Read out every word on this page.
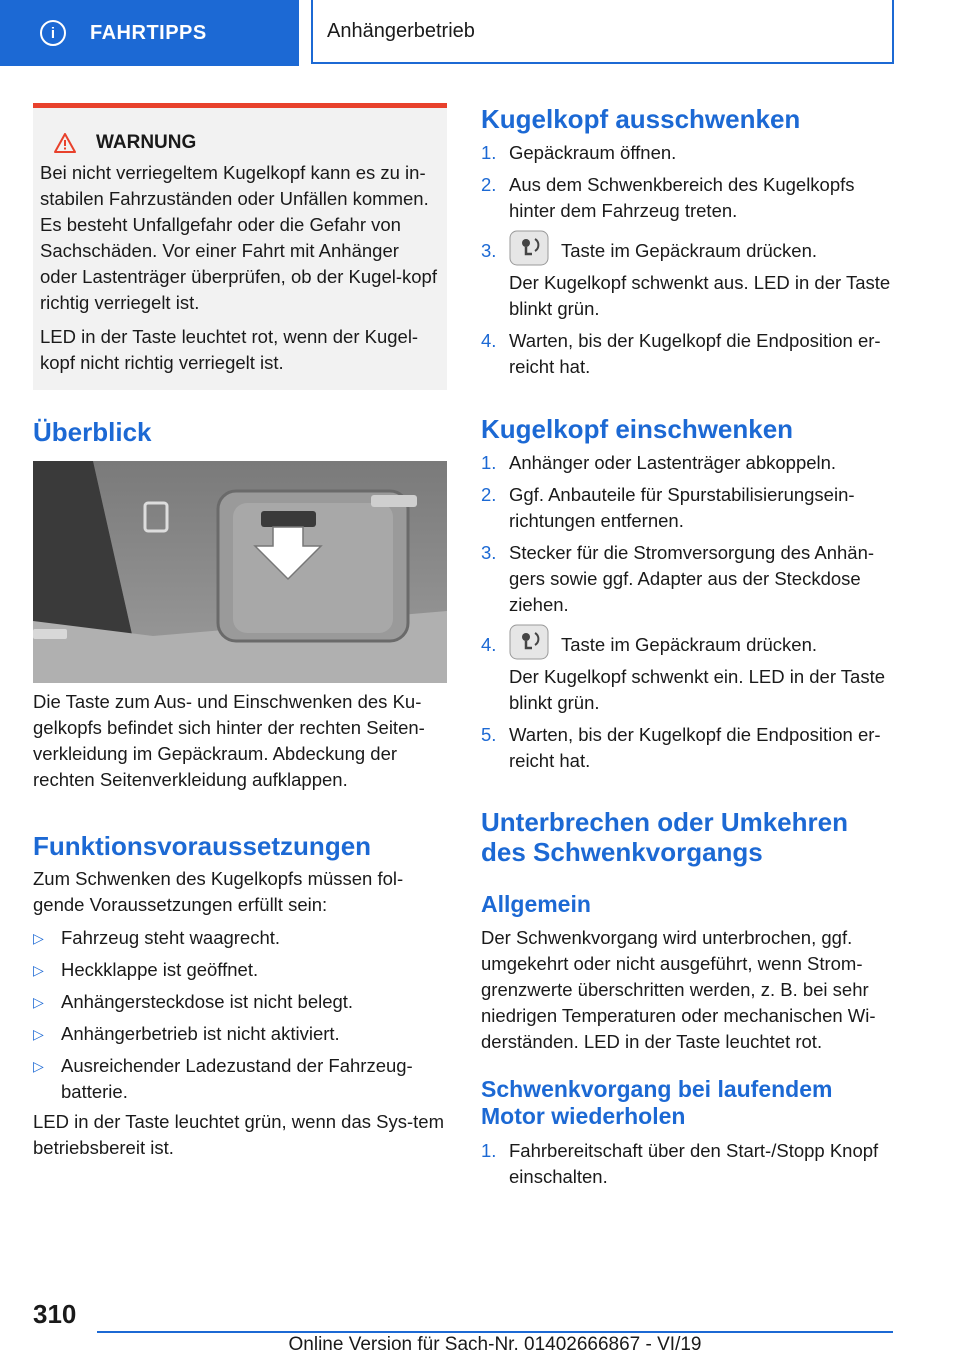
i	FAHRTIPPS	Anhängerbetrieb
WARNUNG

Bei nicht verriegeltem Kugelkopf kann es zu in-stabilen Fahrzuständen oder Unfällen kommen. Es besteht Unfallgefahr oder die Gefahr von Sachschäden. Vor einer Fahrt mit Anhänger oder Lastenträger überprüfen, ob der Kugel-kopf richtig verriegelt ist.

LED in der Taste leuchtet rot, wenn der Kugel-kopf nicht richtig verriegelt ist.

Überblick
Die Taste zum Aus- und Einschwenken des Ku-gelkopfs befindet sich hinter der rechten Seiten-verkleidung im Gepäckraum. Abdeckung der rechten Seitenverkleidung aufklappen.
Funktionsvoraussetzungen
Zum Schwenken des Kugelkopfs müssen fol-gende Voraussetzungen erfüllt sein:
▷ Fahrzeug steht waagrecht.
▷ Heckklappe ist geöffnet.
▷ Anhängersteckdose ist nicht belegt.
▷ Anhängerbetrieb ist nicht aktiviert.
▷ Ausreichender Ladezustand der Fahrzeug-batterie.
LED in der Taste leuchtet grün, wenn das Sys-tem betriebsbereit ist.
Kugelkopf ausschwenken
1. Gepäckraum öffnen.
2. Aus dem Schwenkbereich des Kugelkopfs hinter dem Fahrzeug treten.
3.	Taste im Gepäckraum drücken.
Der Kugelkopf schwenkt aus. LED in der Taste blinkt grün.
4. Warten, bis der Kugelkopf die Endposition er-reicht hat.
Kugelkopf einschwenken
1. Anhänger oder Lastenträger abkoppeln.
2. Ggf. Anbauteile für Spurstabilisierungsein-richtungen entfernen.
3. Stecker für die Stromversorgung des Anhän-gers sowie ggf. Adapter aus der Steckdose ziehen.
4.	Taste im Gepäckraum drücken.
Der Kugelkopf schwenkt ein. LED in der Taste blinkt grün.
5. Warten, bis der Kugelkopf die Endposition er-reicht hat.
Unterbrechen oder Umkehren des Schwenkvorgangs
Allgemein
Der Schwenkvorgang wird unterbrochen, ggf. umgekehrt oder nicht ausgeführt, wenn Strom-grenzwerte überschritten werden, z. B. bei sehr niedrigen Temperaturen oder mechanischen Wi-derständen. LED in der Taste leuchtet rot.
Schwenkvorgang bei laufendem Motor wiederholen
1. Fahrbereitschaft über den Start-/Stopp Knopf einschalten.
310
Online Version für Sach-Nr. 01402666867 - VI/19
